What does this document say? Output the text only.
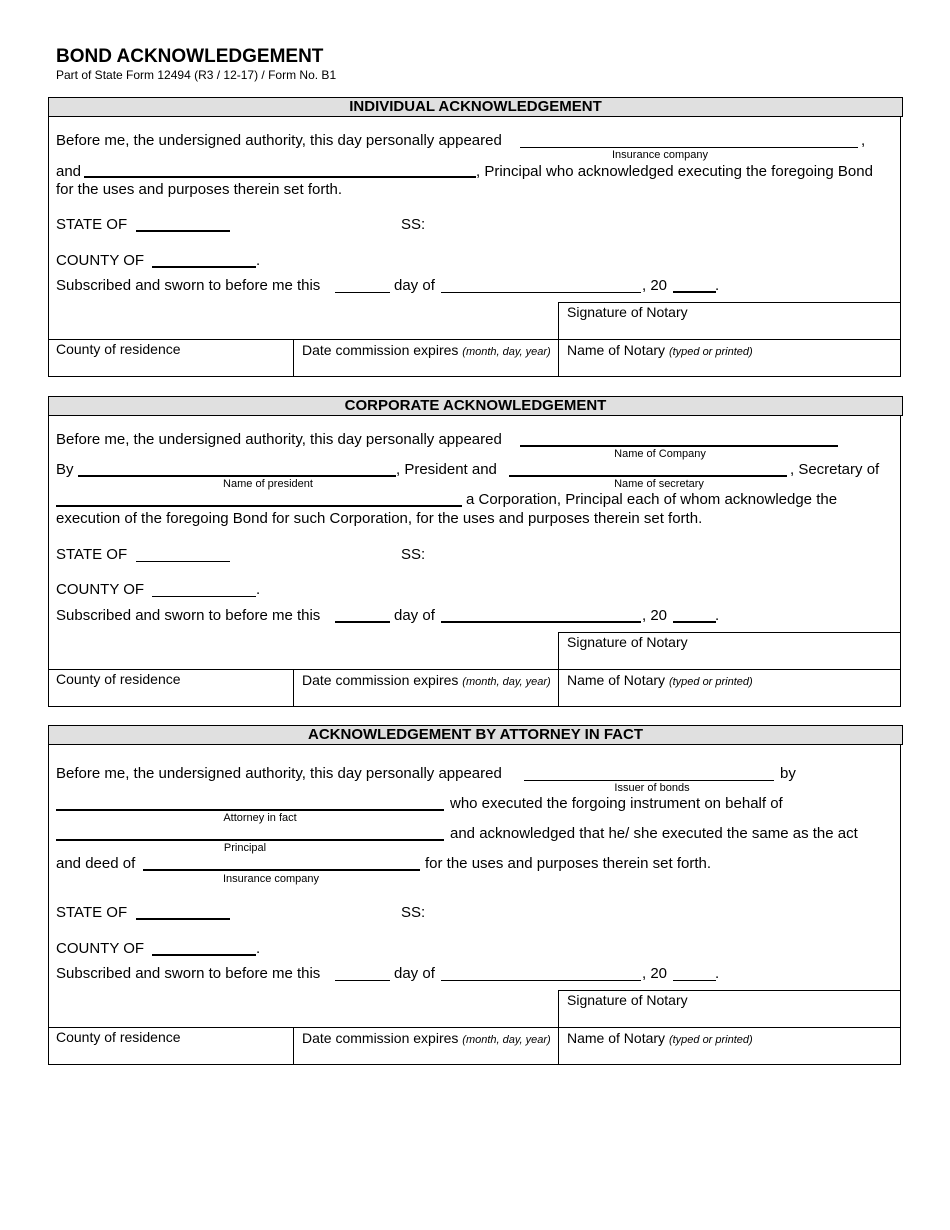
BOND ACKNOWLEDGEMENT
Part of State Form 12494 (R3 / 12-17) / Form No. B1
INDIVIDUAL ACKNOWLEDGEMENT
Before me, the undersigned authority, this day personally appeared	,
Insurance company
and	, Principal who acknowledged executing the foregoing Bond
for the uses and purposes therein set forth.
STATE OF	SS:
COUNTY OF	.
Subscribed and sworn to before me this	day of	, 20	.
Signature of Notary
County of residence	Date commission expires (month, day, year) Name of Notary (typed or printed)
CORPORATE ACKNOWLEDGEMENT
Before me, the undersigned authority, this day personally appeared
Name of Company
By	, President and	, Secretary of
Name of president	Name of secretary
a Corporation, Principal each of whom acknowledge the
execution of the foregoing Bond for such Corporation, for the uses and purposes therein set forth.
STATE OF	SS:
COUNTY OF	.
Subscribed and sworn to before me this	day of	, 20	.
Signature of Notary
County of residence	Date commission expires (month, day, year) Name of Notary (typed or printed)
ACKNOWLEDGEMENT BY ATTORNEY IN FACT
Before me, the undersigned authority, this day personally appeared	by
Issuer of bonds
who executed the forgoing instrument on behalf of
Attorney in fact
and acknowledged that he/ she executed the same as the act
Principal
and deed of	for the uses and purposes therein set forth.
Insurance company
STATE OF	SS:
COUNTY OF	.
Subscribed and sworn to before me this	day of	, 20	.
Signature of Notary
County of residence	Date commission expires (month, day, year) Name of Notary (typed or printed)
